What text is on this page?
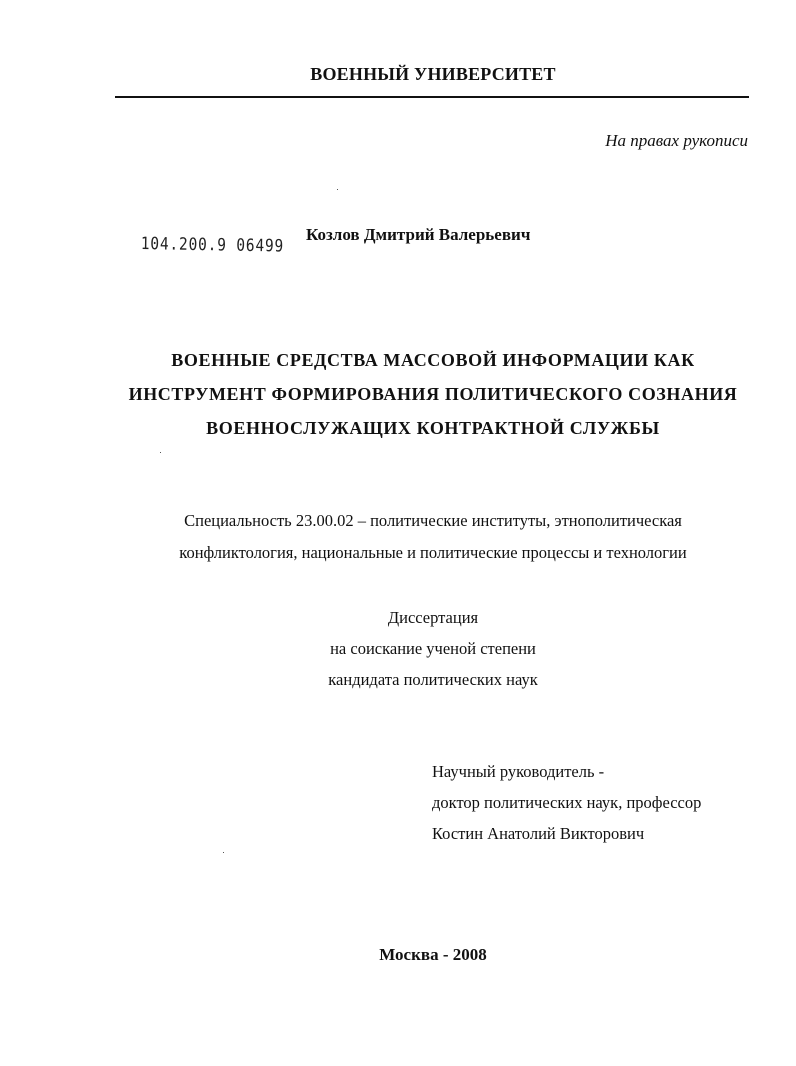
ВОЕННЫЙ УНИВЕРСИТЕТ
На правах рукописи
104.200.9 06499 Козлов Дмитрий Валерьевич
ВОЕННЫЕ СРЕДСТВА МАССОВОЙ ИНФОРМАЦИИ КАК
ИНСТРУМЕНТ ФОРМИРОВАНИЯ ПОЛИТИЧЕСКОГО СОЗНАНИЯ
ВОЕННОСЛУЖАЩИХ КОНТРАКТНОЙ СЛУЖБЫ
Специальность 23.00.02 – политические институты, этнополитическая
конфликтология, национальные и политические процессы и технологии
Диссертация
на соискание ученой степени
кандидата политических наук
Научный руководитель -
доктор политических наук, профессор
Костин Анатолий Викторович
Москва - 2008
